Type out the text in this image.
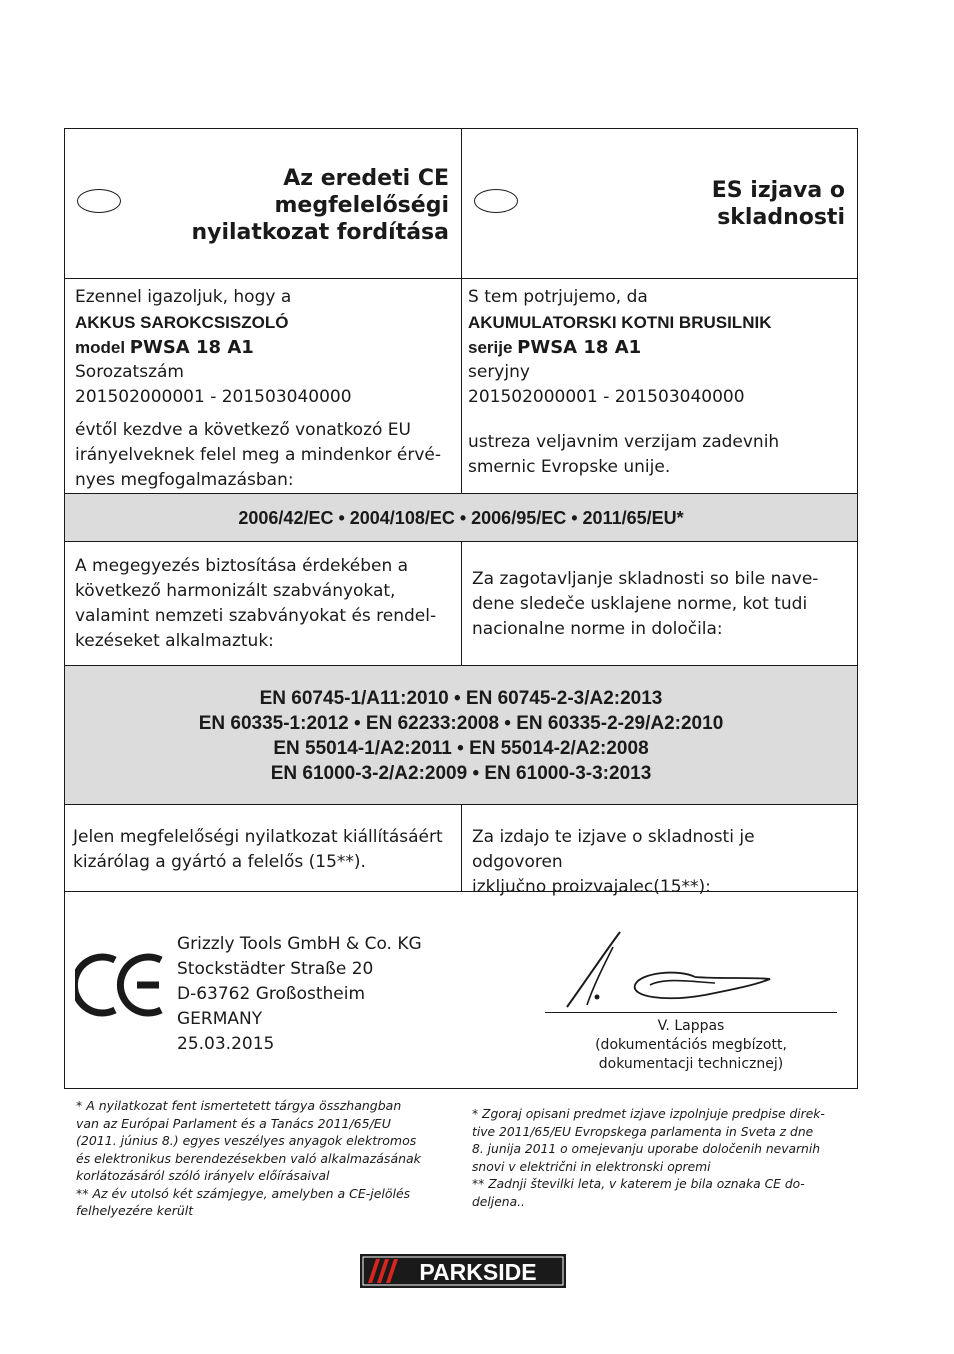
Az eredeti CE
megfelelőségi
nyilatkozat fordítása
ES izjava o
skladnosti
Ezennel igazoljuk, hogy a
AKKUS SAROKCSISZOLÓ
model PWSA 18 A1
Sorozatszám
201502000001 - 201503040000
évtől kezdve a következő vonatkozó EU
irányelveknek felel meg a mindenkor érvé-
nyes megfogalmazásban:
S tem potrjujemo, da
AKUMULATORSKI KOTNI BRUSILNIK
serije PWSA 18 A1
seryjny
201502000001 - 201503040000
ustreza veljavnim verzijam zadevnih
smernic Evropske unije.
2006/42/EC • 2004/108/EC • 2006/95/EC • 2011/65/EU*
A megegyezés biztosítása érdekében a
következő harmonizált szabványokat,
valamint nemzeti szabványokat és rendel-
kezéseket alkalmaztuk:
Za zagotavljanje skladnosti so bile nave-
dene sledeče usklajene norme, kot tudi
nacionalne norme in določila:
EN 60745-1/A11:2010 • EN 60745-2-3/A2:2013
EN 60335-1:2012 • EN 62233:2008 • EN 60335-2-29/A2:2010
EN 55014-1/A2:2011 • EN 55014-2/A2:2008
EN 61000-3-2/A2:2009 • EN 61000-3-3:2013
Jelen megfelelőségi nyilatkozat kiállításáért
kizárólag a gyártó a felelős (15**).
Za izdajo te izjave o skladnosti je odgovoren
izključno proizvajalec(15**):
Grizzly Tools GmbH & Co. KG
Stockstädter Straße 20
D-63762 Großostheim
GERMANY
25.03.2015
V. Lappas
(dokumentációs megbízott,
dokumentacji technicznej)
* A nyilatkozat fent ismertetett tárgya összhangban
van az Európai Parlament és a Tanács 2011/65/EU
(2011. június 8.) egyes veszélyes anyagok elektromos
és elektronikus berendezésekben való alkalmazásának
korlátozásáról szóló irányelv előírásaival
** Az év utolsó két számjegye, amelyben a CE-jelölés
felhelyezére került
* Zgoraj opisani predmet izjave izpolnjuje predpise direk-
tive 2011/65/EU Evropskega parlamenta in Sveta z dne
8. junija 2011 o omejevanju uporabe določenih nevarnih
snovi v električni in elektronski opremi
** Zadnji številki leta, v katerem je bila oznaka CE do-
deljena..
PARKSIDE
